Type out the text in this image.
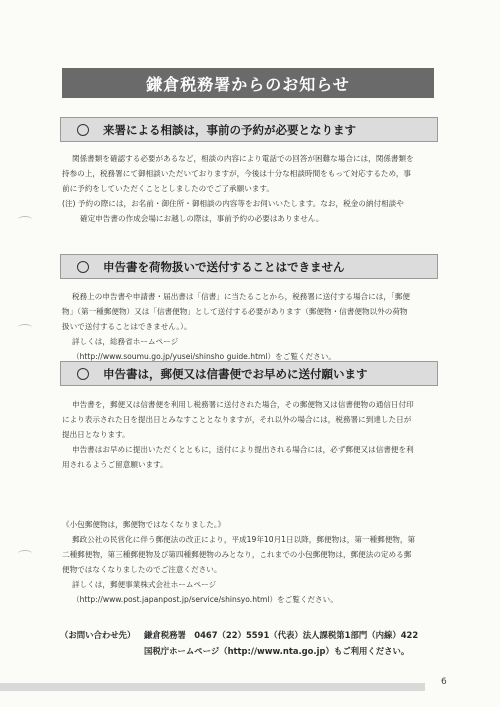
鎌倉税務署からのお知らせ
来署による相談は，事前の予約が必要となります
関係書類を確認する必要があるなど，相談の内容により電話での回答が困難な場合には，関係書類を
持参の上，税務署にて御相談いただいておりますが，今後は十分な相談時間をもって対応するため，事
前に予約をしていただくこととしましたのでご了承願います。
(注) 予約の際には，お名前・御住所・御相談の内容等をお伺いいたします。なお，税金の納付相談や
確定申告書の作成会場にお越しの際は，事前予約の必要はありません。
申告書を荷物扱いで送付することはできません
税務上の申告書や申請書・届出書は「信書」に当たることから，税務署に送付する場合には，「郵便
物」（第一種郵便物）又は「信書便物」として送付する必要があります（郵便物・信書便物以外の荷物
扱いで送付することはできません。）。
詳しくは，総務省ホームページ
（http://www.soumu.go.jp/yusei/shinsho guide.html）をご覧ください。
申告書は，郵便又は信書便でお早めに送付願います
申告書を，郵便又は信書便を利用し税務署に送付された場合，その郵便物又は信書便物の通信日付印
により表示された日を提出日とみなすこととなりますが，それ以外の場合には，税務署に到達した日が
提出日となります。
申告書はお早めに提出いただくとともに，送付により提出される場合には，必ず郵便又は信書便を利
用されるようご留意願います。
《小包郵便物は，郵便物ではなくなりました。》
郵政公社の民営化に伴う郵便法の改正により，平成19年10月1日以降，郵便物は，第一種郵便物，第
二種郵便物，第三種郵便物及び第四種郵便物のみとなり，これまでの小包郵便物は，郵便法の定める郵
便物ではなくなりましたのでご注意ください。
詳しくは，郵便事業株式会社ホームページ
（http://www.post.japanpost.jp/service/shinsyo.html）をご覧ください。
（お問い合わせ先） 鎌倉税務署　0467（22）5591（代表）法人課税第1部門（内線）422
国税庁ホームページ（http://www.nta.go.jp）もご利用ください。
6
